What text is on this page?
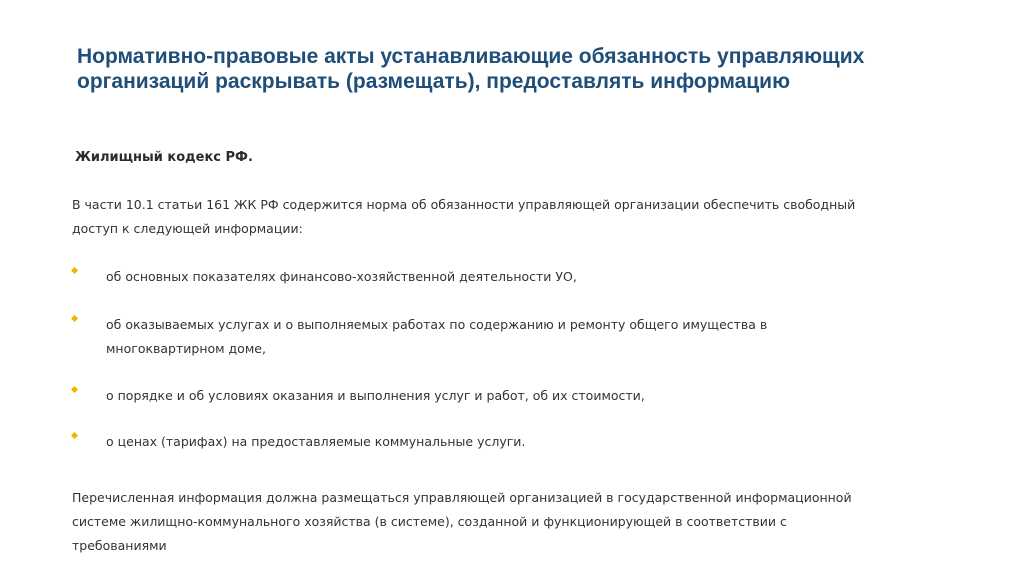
Нормативно-правовые акты устанавливающие обязанность управляющих организаций раскрывать (размещать), предоставлять информацию

Жилищный кодекс РФ.

В части 10.1 статьи 161 ЖК РФ содержится норма об обязанности управляющей организации обеспечить свободный доступ к следующей информации:

об основных показателях финансово-хозяйственной деятельности УО,
об оказываемых услугах и о выполняемых работах по содержанию и ремонту общего имущества в многоквартирном доме,
о порядке и об условиях оказания и выполнения услуг и работ, об их стоимости,
о ценах (тарифах) на предоставляемые коммунальные услуги.

Перечисленная информация должна размещаться управляющей организацией в государственной информационной системе жилищно-коммунального хозяйства (в системе), созданной и функционирующей в соответствии с требованиями
